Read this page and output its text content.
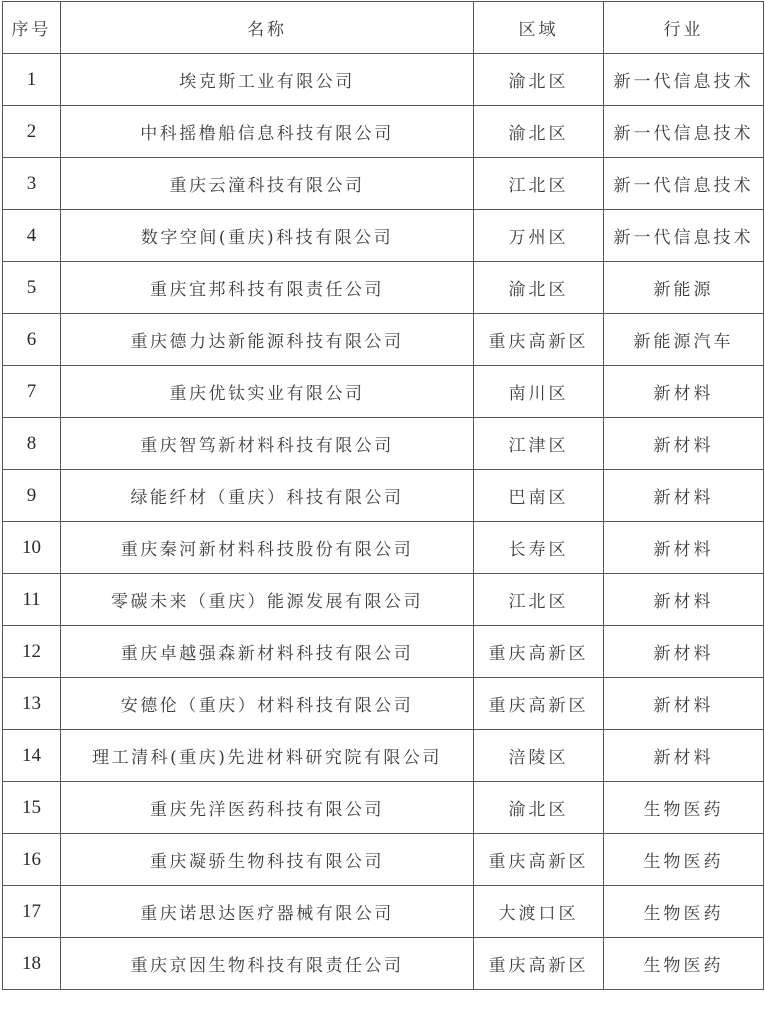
序号	名称	区域	行业
1	埃克斯工业有限公司	渝北区	新一代信息技术
2	中科摇橹船信息科技有限公司	渝北区	新一代信息技术
3	重庆云潼科技有限公司	江北区	新一代信息技术
4	数字空间(重庆)科技有限公司	万州区	新一代信息技术
5	重庆宜邦科技有限责任公司	渝北区	新能源
6	重庆德力达新能源科技有限公司	重庆高新区	新能源汽车
7	重庆优钛实业有限公司	南川区	新材料
8	重庆智笃新材料科技有限公司	江津区	新材料
9	绿能纤材（重庆）科技有限公司	巴南区	新材料
10	重庆秦河新材料科技股份有限公司	长寿区	新材料
11	零碳未来（重庆）能源发展有限公司	江北区	新材料
12	重庆卓越强森新材料科技有限公司	重庆高新区	新材料
13	安德伦（重庆）材料科技有限公司	重庆高新区	新材料
14	理工清科(重庆)先进材料研究院有限公司	涪陵区	新材料
15	重庆先洋医药科技有限公司	渝北区	生物医药
16	重庆凝骄生物科技有限公司	重庆高新区	生物医药
17	重庆诺思达医疗器械有限公司	大渡口区	生物医药
18	重庆京因生物科技有限责任公司	重庆高新区	生物医药
